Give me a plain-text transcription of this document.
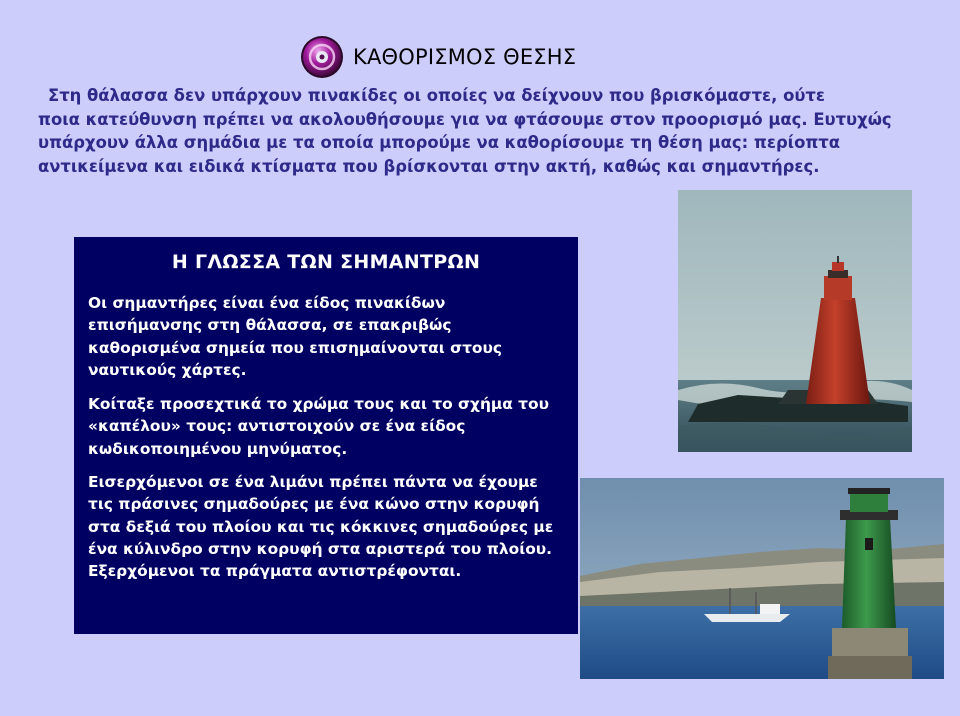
ΚΑΘΟΡΙΣΜΟΣ ΘΕΣΗΣ
Στη θάλασσα δεν υπάρχουν πινακίδες οι οποίες να δείχνουν που βρισκόμαστε, ούτε
ποια κατεύθυνση πρέπει να ακολουθήσουμε για να φτάσουμε στον προορισμό μας. Ευτυχώς υπάρχουν άλλα σημάδια με τα οποία μπορούμε να καθορίσουμε τη θέση μας: περίοπτα αντικείμενα και ειδικά κτίσματα που βρίσκονται στην ακτή, καθώς και σημαντήρες.
Η ΓΛΩΣΣΑ ΤΩΝ ΣΗΜΑΝΤΡΩΝ

Οι σημαντήρες είναι ένα είδος πινακίδων επισήμανσης στη θάλασσα, σε επακριβώς καθορισμένα σημεία που επισημαίνονται στους ναυτικούς χάρτες.

Κοίταξε προσεχτικά το χρώμα τους και το σχήμα του «καπέλου» τους: αντιστοιχούν σε ένα είδος κωδικοποιημένου μηνύματος.

Εισερχόμενοι σε ένα λιμάνι πρέπει πάντα να έχουμε τις πράσινες σημαδούρες με ένα κώνο στην κορυφή στα δεξιά του πλοίου και τις κόκκινες σημαδούρες με ένα κύλινδρο στην κορυφή στα αριστερά του πλοίου.
Εξερχόμενοι τα πράγματα αντιστρέφονται.
